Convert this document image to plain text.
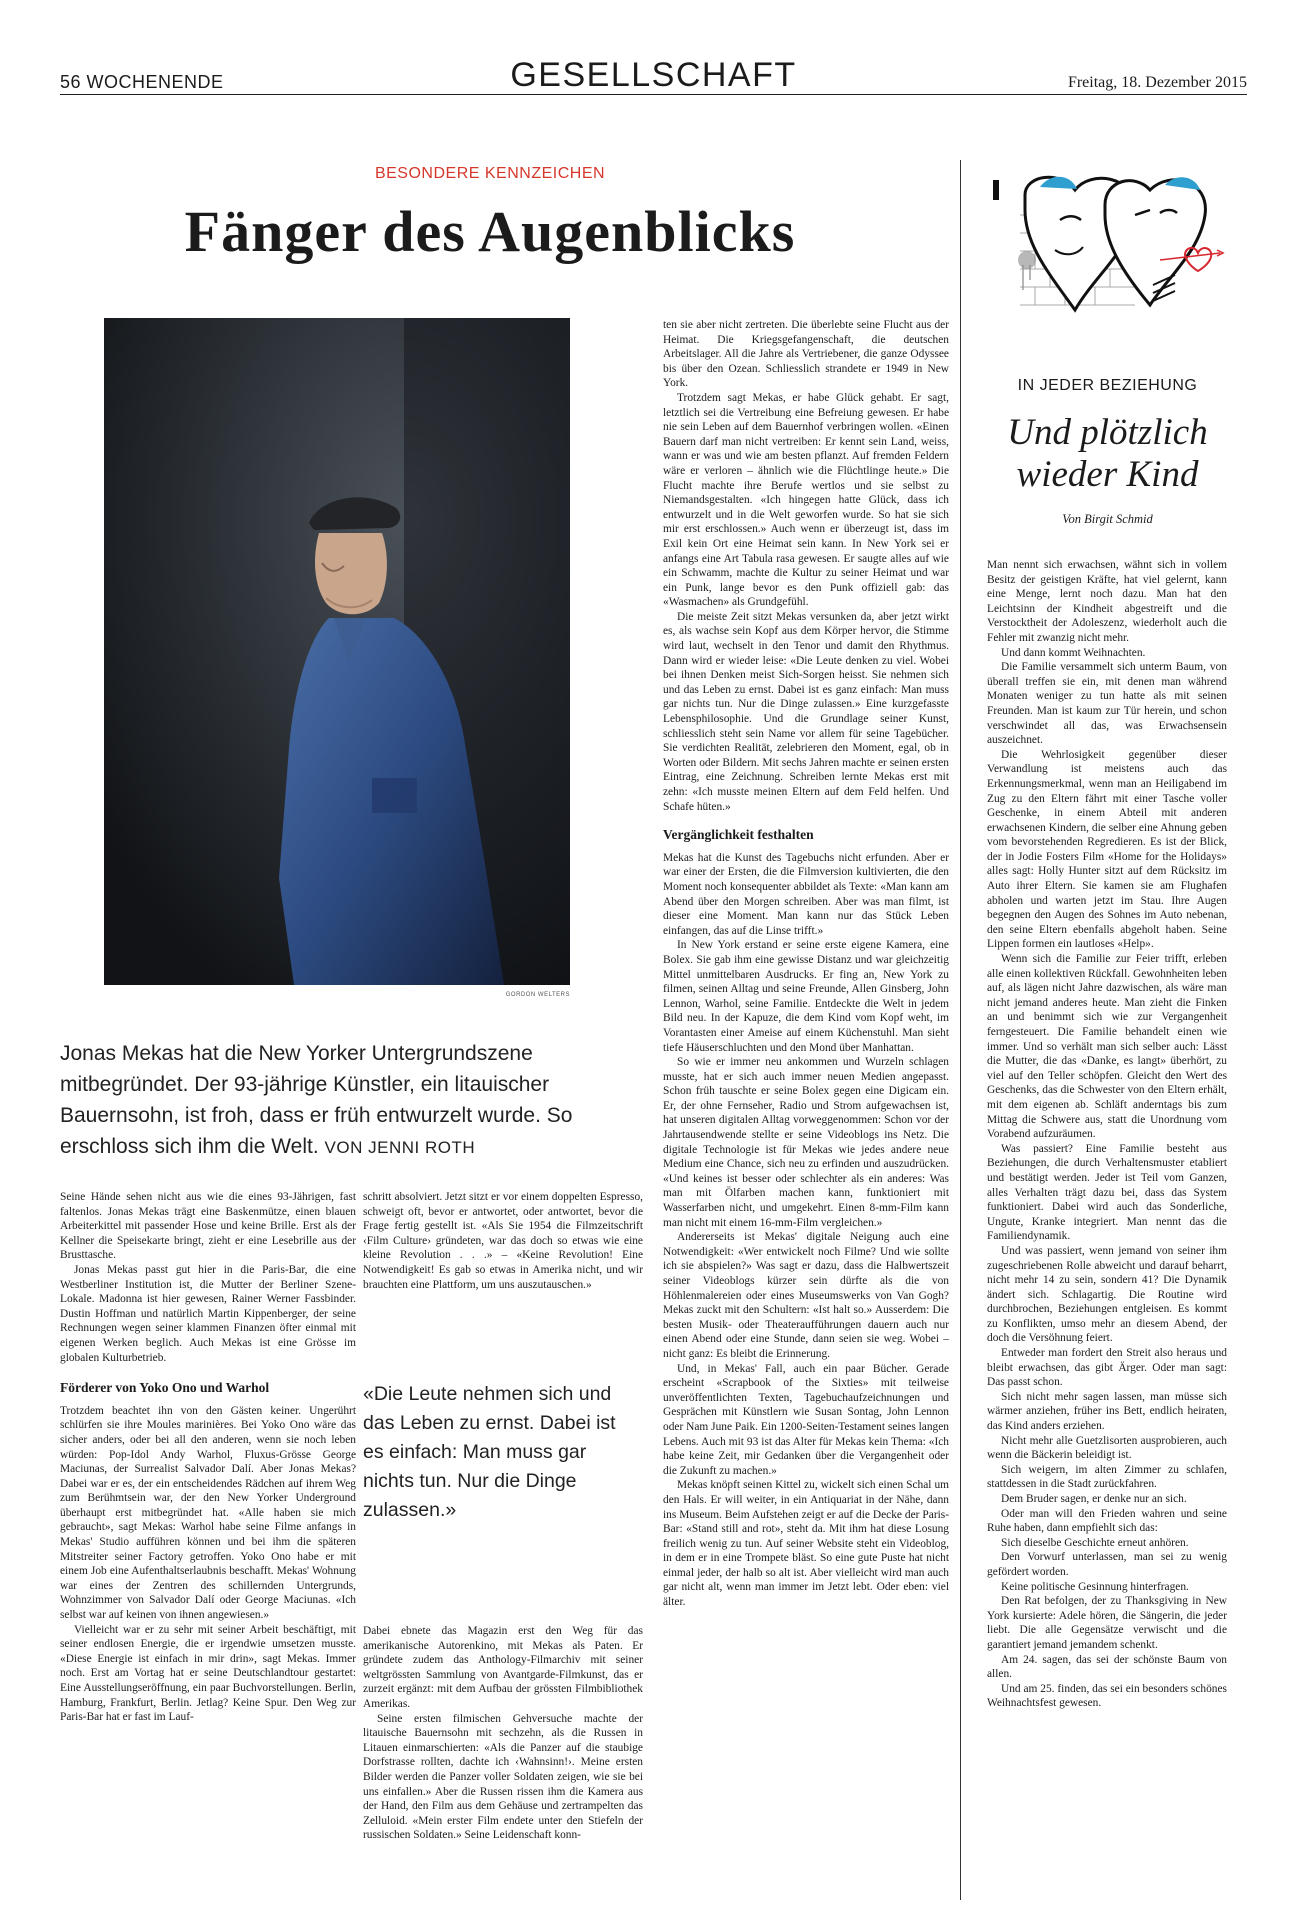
56 WOCHENENDE	GESELLSCHAFT	Freitag, 18. Dezember 2015
BESONDERE KENNZEICHEN
Fänger des Augenblicks
GORDON WELTERS
Jonas Mekas hat die New Yorker Untergrundszene mitbegründet. Der 93-jährige Künstler, ein litauischer Bauernsohn, ist froh, dass er früh entwurzelt wurde. So erschloss sich ihm die Welt. VON JENNI ROTH

Seine Hände sehen nicht aus wie die eines 93-Jährigen, fast faltenlos. Jonas Mekas trägt eine Baskenmütze, einen blauen Arbeiterkittel mit passender Hose und keine Brille. Erst als der Kellner die Speisekarte bringt, zieht er eine Lesebrille aus der Brusttasche.

Jonas Mekas passt gut hier in die Paris-Bar, die eine Westberliner Institution ist, die Mutter der Berliner Szene-Lokale. Madonna ist hier gewesen, Rainer Werner Fassbinder. Dustin Hoffman und natürlich Martin Kippenberger, der seine Rechnungen wegen seiner klammen Finanzen öfter einmal mit eigenen Werken beglich. Auch Mekas ist eine Grösse im globalen Kulturbetrieb.

Förderer von Yoko Ono und Warhol

Trotzdem beachtet ihn von den Gästen keiner. Ungerührt schlürfen sie ihre Moules marinières. Bei Yoko Ono wäre das sicher anders, oder bei all den anderen, wenn sie noch leben würden: Pop-Idol Andy Warhol, Fluxus-Grösse George Maciunas, der Surrealist Salvador Dalí. Aber Jonas Mekas? Dabei war er es, der ein entscheidendes Rädchen auf ihrem Weg zum Berühmtsein war, der den New Yorker Underground überhaupt erst mitbegründet hat. «Alle haben sie mich gebraucht», sagt Mekas: Warhol habe seine Filme anfangs in Mekas' Studio aufführen können und bei ihm die späteren Mitstreiter seiner Factory getroffen. Yoko Ono habe er mit einem Job eine Aufenthaltserlaubnis beschafft. Mekas' Wohnung war eines der Zentren des schillernden Untergrunds, Wohnzimmer von Salvador Dalí oder George Maciunas. «Ich selbst war auf keinen von ihnen angewiesen.»

Vielleicht war er zu sehr mit seiner Arbeit beschäftigt, mit seiner endlosen Energie, die er irgendwie umsetzen musste. «Diese Energie ist einfach in mir drin», sagt Mekas. Immer noch. Erst am Vortag hat er seine Deutschlandtour gestartet: Eine Ausstellungseröffnung, ein paar Buchvorstellungen. Berlin, Hamburg, Frankfurt, Berlin. Jetlag? Keine Spur. Den Weg zur Paris-Bar hat er fast im Lauf-

schritt absolviert. Jetzt sitzt er vor einem doppelten Espresso, schweigt oft, bevor er antwortet, oder antwortet, bevor die Frage fertig gestellt ist. «Als Sie 1954 die Filmzeitschrift ‹Film Culture› gründeten, war das doch so etwas wie eine kleine Revolution . . .» – «Keine Revolution! Eine Notwendigkeit! Es gab so etwas in Amerika nicht, und wir brauchten eine Plattform, um uns auszutauschen.»

«Die Leute nehmen sich und das Leben zu ernst. Dabei ist es einfach: Man muss gar nichts tun. Nur die Dinge zulassen.»

Dabei ebnete das Magazin erst den Weg für das amerikanische Autorenkino, mit Mekas als Paten. Er gründete zudem das Anthology-Filmarchiv mit seiner weltgrössten Sammlung von Avantgarde-Filmkunst, das er zurzeit ergänzt: mit dem Aufbau der grössten Filmbibliothek Amerikas.

Seine ersten filmischen Gehversuche machte der litauische Bauernsohn mit sechzehn, als die Russen in Litauen einmarschierten: «Als die Panzer auf die staubige Dorfstrasse rollten, dachte ich ‹Wahnsinn!›. Meine ersten Bilder werden die Panzer voller Soldaten zeigen, wie sie bei uns einfallen.» Aber die Russen rissen ihm die Kamera aus der Hand, den Film aus dem Gehäuse und zertrampelten das Zelluloid. «Mein erster Film endete unter den Stiefeln der russischen Soldaten.» Seine Leidenschaft konn-

ten sie aber nicht zertreten. Die überlebte seine Flucht aus der Heimat. Die Kriegsgefangenschaft, die deutschen Arbeitslager. All die Jahre als Vertriebener, die ganze Odyssee bis über den Ozean. Schliesslich strandete er 1949 in New York.

Trotzdem sagt Mekas, er habe Glück gehabt. Er sagt, letztlich sei die Vertreibung eine Befreiung gewesen. Er habe nie sein Leben auf dem Bauernhof verbringen wollen. «Einen Bauern darf man nicht vertreiben: Er kennt sein Land, weiss, wann er was und wie am besten pflanzt. Auf fremden Feldern wäre er verloren – ähnlich wie die Flüchtlinge heute.» Die Flucht machte ihre Berufe wertlos und sie selbst zu Niemandsgestalten. «Ich hingegen hatte Glück, dass ich entwurzelt und in die Welt geworfen wurde. So hat sie sich mir erst erschlossen.» Auch wenn er überzeugt ist, dass im Exil kein Ort eine Heimat sein kann. In New York sei er anfangs eine Art Tabula rasa gewesen. Er saugte alles auf wie ein Schwamm, machte die Kultur zu seiner Heimat und war ein Punk, lange bevor es den Punk offiziell gab: das «Wasmachen» als Grundgefühl.

Die meiste Zeit sitzt Mekas versunken da, aber jetzt wirkt es, als wachse sein Kopf aus dem Körper hervor, die Stimme wird laut, wechselt in den Tenor und damit den Rhythmus. Dann wird er wieder leise: «Die Leute denken zu viel. Wobei bei ihnen Denken meist Sich-Sorgen heisst. Sie nehmen sich und das Leben zu ernst. Dabei ist es ganz einfach: Man muss gar nichts tun. Nur die Dinge zulassen.» Eine kurzgefasste Lebensphilosophie. Und die Grundlage seiner Kunst, schliesslich steht sein Name vor allem für seine Tagebücher. Sie verdichten Realität, zelebrieren den Moment, egal, ob in Worten oder Bildern. Mit sechs Jahren machte er seinen ersten Eintrag, eine Zeichnung. Schreiben lernte Mekas erst mit zehn: «Ich musste meinen Eltern auf dem Feld helfen. Und Schafe hüten.»

Vergänglichkeit festhalten

Mekas hat die Kunst des Tagebuchs nicht erfunden. Aber er war einer der Ersten, die die Filmversion kultivierten, die den Moment noch konsequenter abbildet als Texte: «Man kann am Abend über den Morgen schreiben. Aber was man filmt, ist dieser eine Moment. Man kann nur das Stück Leben einfangen, das auf die Linse trifft.»

In New York erstand er seine erste eigene Kamera, eine Bolex. Sie gab ihm eine gewisse Distanz und war gleichzeitig Mittel unmittelbaren Ausdrucks. Er fing an, New York zu filmen, seinen Alltag und seine Freunde, Allen Ginsberg, John Lennon, Warhol, seine Familie. Entdeckte die Welt in jedem Bild neu. In der Kapuze, die dem Kind vom Kopf weht, im Vorantasten einer Ameise auf einem Küchenstuhl. Man sieht tiefe Häuserschluchten und den Mond über Manhattan.

So wie er immer neu ankommen und Wurzeln schlagen musste, hat er sich auch immer neuen Medien angepasst. Schon früh tauschte er seine Bolex gegen eine Digicam ein. Er, der ohne Fernseher, Radio und Strom aufgewachsen ist, hat unseren digitalen Alltag vorweggenommen: Schon vor der Jahrtausendwende stellte er seine Videoblogs ins Netz. Die digitale Technologie ist für Mekas wie jedes andere neue Medium eine Chance, sich neu zu erfinden und auszudrücken. «Und keines ist besser oder schlechter als ein anderes: Was man mit Ölfarben machen kann, funktioniert mit Wasserfarben nicht, und umgekehrt. Einen 8-mm-Film kann man nicht mit einem 16-mm-Film vergleichen.»

Andererseits ist Mekas' digitale Neigung auch eine Notwendigkeit: «Wer entwickelt noch Filme? Und wie sollte ich sie abspielen?» Was sagt er dazu, dass die Halbwertszeit seiner Videoblogs kürzer sein dürfte als die von Höhlenmalereien oder eines Museumswerks von Van Gogh? Mekas zuckt mit den Schultern: «Ist halt so.» Ausserdem: Die besten Musik- oder Theateraufführungen dauern auch nur einen Abend oder eine Stunde, dann seien sie weg. Wobei – nicht ganz: Es bleibt die Erinnerung.

Und, in Mekas' Fall, auch ein paar Bücher. Gerade erscheint «Scrapbook of the Sixties» mit teilweise unveröffentlichten Texten, Tagebuchaufzeichnungen und Gesprächen mit Künstlern wie Susan Sontag, John Lennon oder Nam June Paik. Ein 1200-Seiten-Testament seines langen Lebens. Auch mit 93 ist das Alter für Mekas kein Thema: «Ich habe keine Zeit, mir Gedanken über die Vergangenheit oder die Zukunft zu machen.»

Mekas knöpft seinen Kittel zu, wickelt sich einen Schal um den Hals. Er will weiter, in ein Antiquariat in der Nähe, dann ins Museum. Beim Aufstehen zeigt er auf die Decke der Paris-Bar: «Stand still and rot», steht da. Mit ihm hat diese Losung freilich wenig zu tun. Auf seiner Website steht ein Videoblog, in dem er in eine Trompete bläst. So eine gute Puste hat nicht einmal jeder, der halb so alt ist. Aber vielleicht wird man auch gar nicht alt, wenn man immer im Jetzt lebt. Oder eben: viel älter.

IN JEDER BEZIEHUNG
Und plötzlich
wieder Kind
Von Birgit Schmid

Man nennt sich erwachsen, wähnt sich in vollem Besitz der geistigen Kräfte, hat viel gelernt, kann eine Menge, lernt noch dazu. Man hat den Leichtsinn der Kindheit abgestreift und die Verstocktheit der Adoleszenz, wiederholt auch die Fehler mit zwanzig nicht mehr.

Und dann kommt Weihnachten.

Die Familie versammelt sich unterm Baum, von überall treffen sie ein, mit denen man während Monaten weniger zu tun hatte als mit seinen Freunden. Man ist kaum zur Tür herein, und schon verschwindet all das, was Erwachsensein auszeichnet.

Die Wehrlosigkeit gegenüber dieser Verwandlung ist meistens auch das Erkennungsmerkmal, wenn man an Heiligabend im Zug zu den Eltern fährt mit einer Tasche voller Geschenke, in einem Abteil mit anderen erwachsenen Kindern, die selber eine Ahnung geben vom bevorstehenden Regredieren. Es ist der Blick, der in Jodie Fosters Film «Home for the Holidays» alles sagt: Holly Hunter sitzt auf dem Rücksitz im Auto ihrer Eltern. Sie kamen sie am Flughafen abholen und warten jetzt im Stau. Ihre Augen begegnen den Augen des Sohnes im Auto nebenan, den seine Eltern ebenfalls abgeholt haben. Seine Lippen formen ein lautloses «Help».

Wenn sich die Familie zur Feier trifft, erleben alle einen kollektiven Rückfall. Gewohnheiten leben auf, als lägen nicht Jahre dazwischen, als wäre man nicht jemand anderes heute. Man zieht die Finken an und benimmt sich wie zur Vergangenheit ferngesteuert. Die Familie behandelt einen wie immer. Und so verhält man sich selber auch: Lässt die Mutter, die das «Danke, es langt» überhört, zu viel auf den Teller schöpfen. Gleicht den Wert des Geschenks, das die Schwester von den Eltern erhält, mit dem eigenen ab. Schläft anderntags bis zum Mittag die Schwere aus, statt die Unordnung vom Vorabend aufzuräumen.

Was passiert? Eine Familie besteht aus Beziehungen, die durch Verhaltensmuster etabliert und bestätigt werden. Jeder ist Teil vom Ganzen, alles Verhalten trägt dazu bei, dass das System funktioniert. Dabei wird auch das Sonderliche, Ungute, Kranke integriert. Man nennt das die Familiendynamik.

Und was passiert, wenn jemand von seiner ihm zugeschriebenen Rolle abweicht und darauf beharrt, nicht mehr 14 zu sein, sondern 41? Die Dynamik ändert sich. Schlagartig. Die Routine wird durchbrochen, Beziehungen entgleisen. Es kommt zu Konflikten, umso mehr an diesem Abend, der doch die Versöhnung feiert.

Entweder man fordert den Streit also heraus und bleibt erwachsen, das gibt Ärger. Oder man sagt: Das passt schon.

Sich nicht mehr sagen lassen, man müsse sich wärmer anziehen, früher ins Bett, endlich heiraten, das Kind anders erziehen.

Nicht mehr alle Guetzlisorten ausprobieren, auch wenn die Bäckerin beleidigt ist.

Sich weigern, im alten Zimmer zu schlafen, stattdessen in die Stadt zurückfahren.

Dem Bruder sagen, er denke nur an sich.

Oder man will den Frieden wahren und seine Ruhe haben, dann empfiehlt sich das:

Sich dieselbe Geschichte erneut anhören.

Den Vorwurf unterlassen, man sei zu wenig gefördert worden.

Keine politische Gesinnung hinterfragen.

Den Rat befolgen, der zu Thanksgiving in New York kursierte: Adele hören, die Sängerin, die jeder liebt. Die alle Gegensätze verwischt und die garantiert jemand jemandem schenkt.

Am 24. sagen, das sei der schönste Baum von allen.

Und am 25. finden, das sei ein besonders schönes Weihnachtsfest gewesen.
